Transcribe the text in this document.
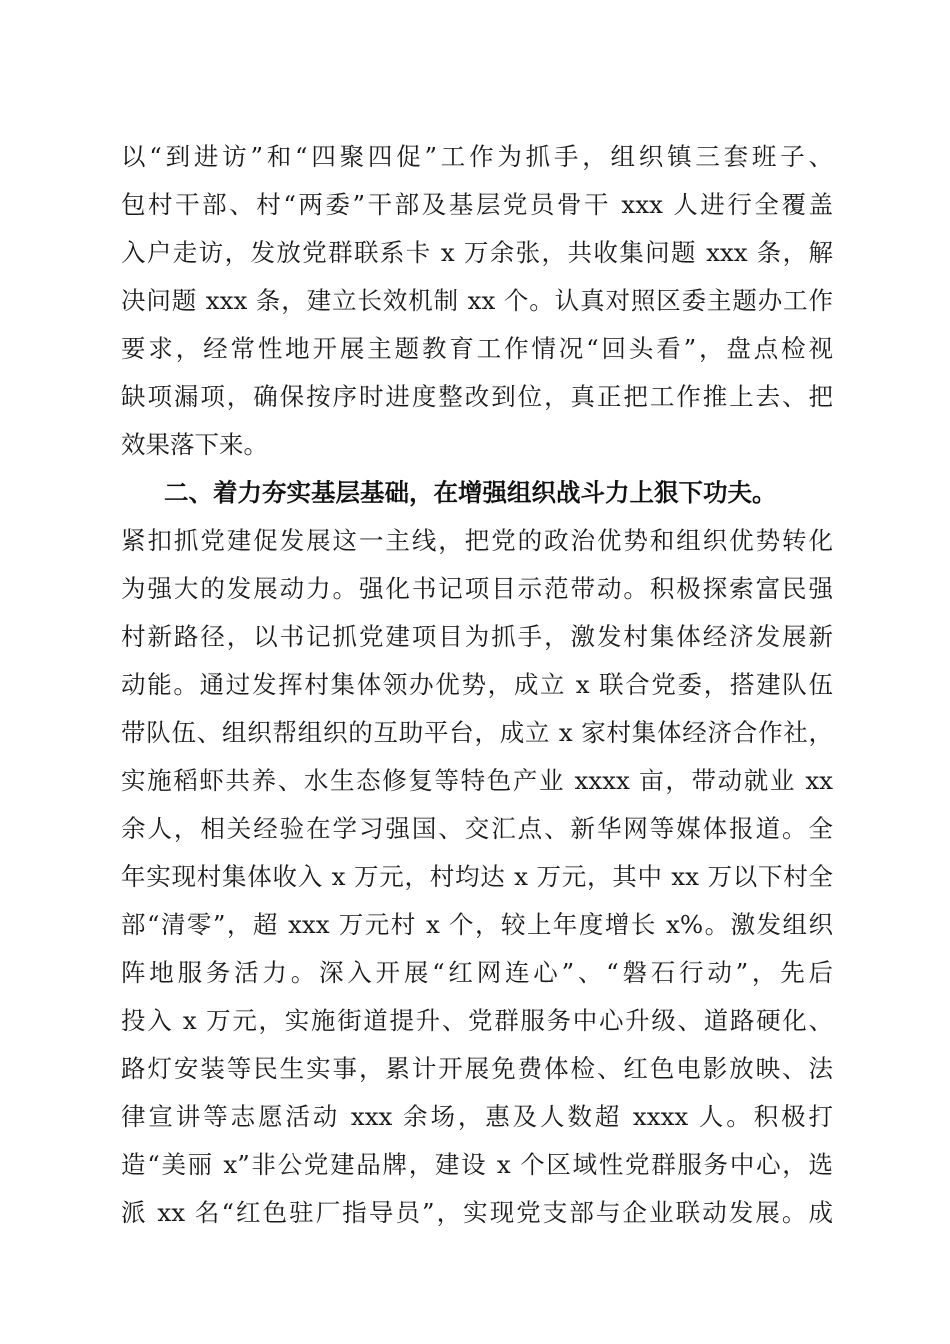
以“到进访”和“四聚四促”工作为抓手，组织镇三套班子、
包村干部、村“两委”干部及基层党员骨干 xxx 人进行全覆盖
入户走访，发放党群联系卡 x 万余张，共收集问题 xxx 条，解
决问题 xxx 条，建立长效机制 xx 个。认真对照区委主题办工作
要求，经常性地开展主题教育工作情况“回头看”，盘点检视
缺项漏项，确保按序时进度整改到位，真正把工作推上去、把
效果落下来。
二、着力夯实基层基础，在增强组织战斗力上狠下功夫。
紧扣抓党建促发展这一主线，把党的政治优势和组织优势转化
为强大的发展动力。强化书记项目示范带动。积极探索富民强
村新路径，以书记抓党建项目为抓手，激发村集体经济发展新
动能。通过发挥村集体领办优势，成立 x 联合党委，搭建队伍
带队伍、组织帮组织的互助平台，成立 x 家村集体经济合作社，
实施稻虾共养、水生态修复等特色产业 xxxx 亩，带动就业 xx
余人，相关经验在学习强国、交汇点、新华网等媒体报道。全
年实现村集体收入 x 万元，村均达 x 万元，其中 xx 万以下村全
部“清零”，超 xxx 万元村 x 个，较上年度增长 x%。激发组织
阵地服务活力。深入开展“红网连心”、“磐石行动”，先后
投入 x 万元，实施街道提升、党群服务中心升级、道路硬化、
路灯安装等民生实事，累计开展免费体检、红色电影放映、法
律宣讲等志愿活动 xxx 余场，惠及人数超 xxxx 人。积极打
造“美丽 x”非公党建品牌，建设 x 个区域性党群服务中心，选
派 xx 名“红色驻厂指导员”，实现党支部与企业联动发展。成
